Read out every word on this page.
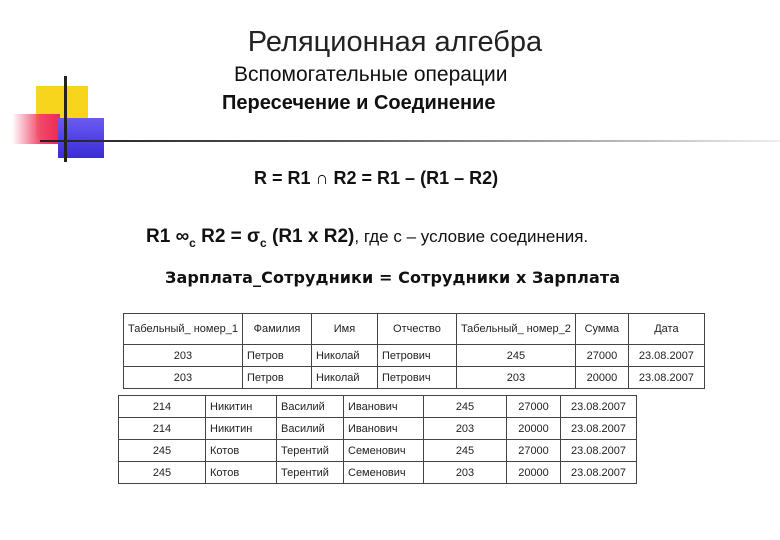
Реляционная алгебра
Вспомогательные операции
Пересечение и Соединение
R = R1 ∩ R2 = R1 – (R1 – R2)
R1 $\infty_c$ $R2 = \sigma_c$ (R1 x R2), где c – условие соединения.
Зарплата_Сотрудники = Сотрудники х Зарплата
Табельный_ номер_1	Фамилия	Имя	Отчество	Табельный_ номер_2	Сумма	Дата
203	Петров	Николай	Петрович	245	27000	23.08.2007
203	Петров	Николай	Петрович	203	20000	23.08.2007
214	Никитин	Василий	Иванович	245	27000	23.08.2007
214	Никитин	Василий	Иванович	203	20000	23.08.2007
245	Котов	Терентий	Семенович	245	27000	23.08.2007
245	Котов	Терентий	Семенович	203	20000	23.08.2007
